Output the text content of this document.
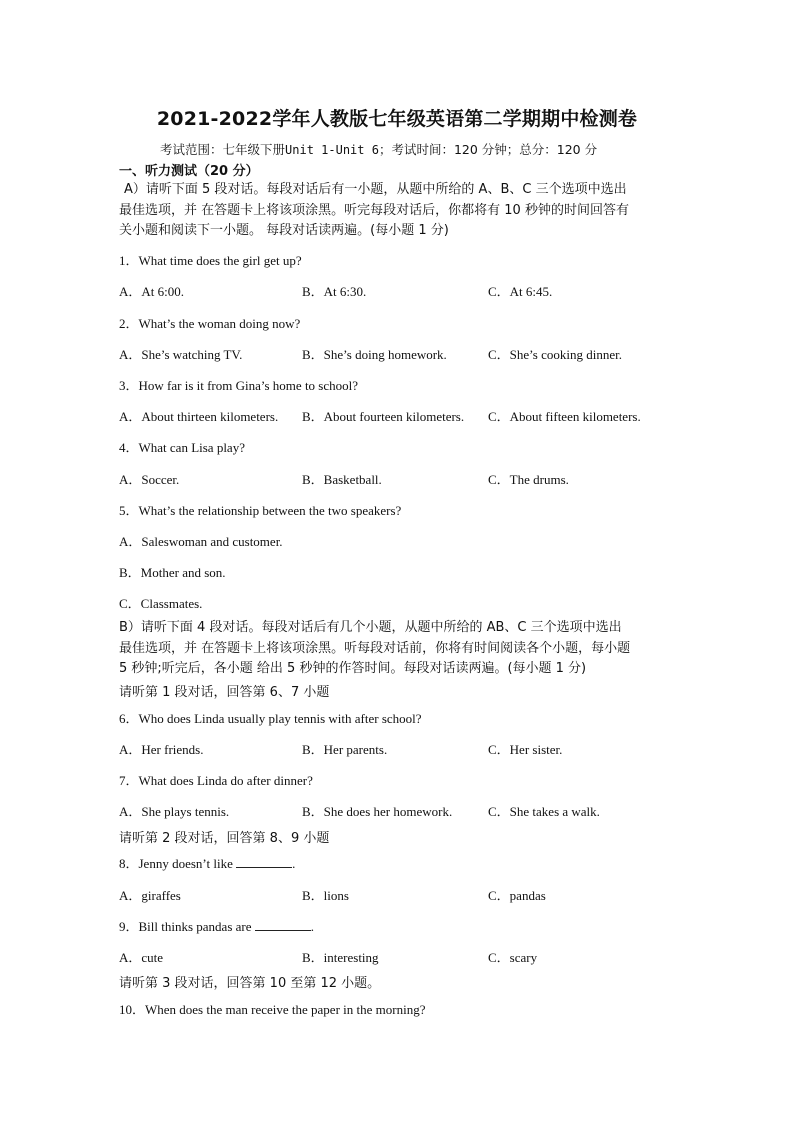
2021-2022学年人教版七年级英语第二学期期中检测卷
考试范围：七年级下册Unit 1-Unit 6；考试时间：120 分钟；总分：120 分
一、听力测试（20 分）
A）请听下面 5 段对话。每段对话后有一小题，从题中所给的 A、B、C 三个选项中选出
最佳选项，并 在答题卡上将该项涂黑。听完每段对话后，你都将有 10 秒钟的时间回答有
关小题和阅读下一小题。 每段对话读两遍。(每小题 1 分)
1．What time does the girl get up?
A．At 6:00.	B．At 6:30.	C．At 6:45.
2．What’s the woman doing now?
A．She’s watching TV.	B．She’s doing homework.	C．She’s cooking dinner.
3．How far is it from Gina’s home to school?
A．About thirteen kilometers. B．About fourteen kilometers. C．About fifteen kilometers.
4．What can Lisa play?
A．Soccer.	B．Basketball.	C．The drums.
5．What’s the relationship between the two speakers?
A．Saleswoman and customer.
B．Mother and son.
C．Classmates.
B）请听下面 4 段对话。每段对话后有几个小题，从题中所给的 AB、C 三个选项中选出
最佳选项，并 在答题卡上将该项涂黑。听每段对话前，你将有时间阅读各个小题，每小题
5 秒钟;听完后，各小题 给出 5 秒钟的作答时间。每段对话读两遍。(每小题 1 分)
请听第 1 段对话，回答第 6、7 小题
6．Who does Linda usually play tennis with after school?
A．Her friends.	B．Her parents.	C．Her sister.
7．What does Linda do after dinner?
A．She plays tennis.	B．She does her homework.	C．She takes a walk.
请听第 2 段对话，回答第 8、9 小题
8．Jenny doesn’t like	.
A．giraffes	B．lions	C．pandas
9．Bill thinks pandas are	.
A．cute	B．interesting	C．scary
请听第 3 段对话，回答第 10 至第 12 小题。
10．When does the man receive the paper in the morning?
